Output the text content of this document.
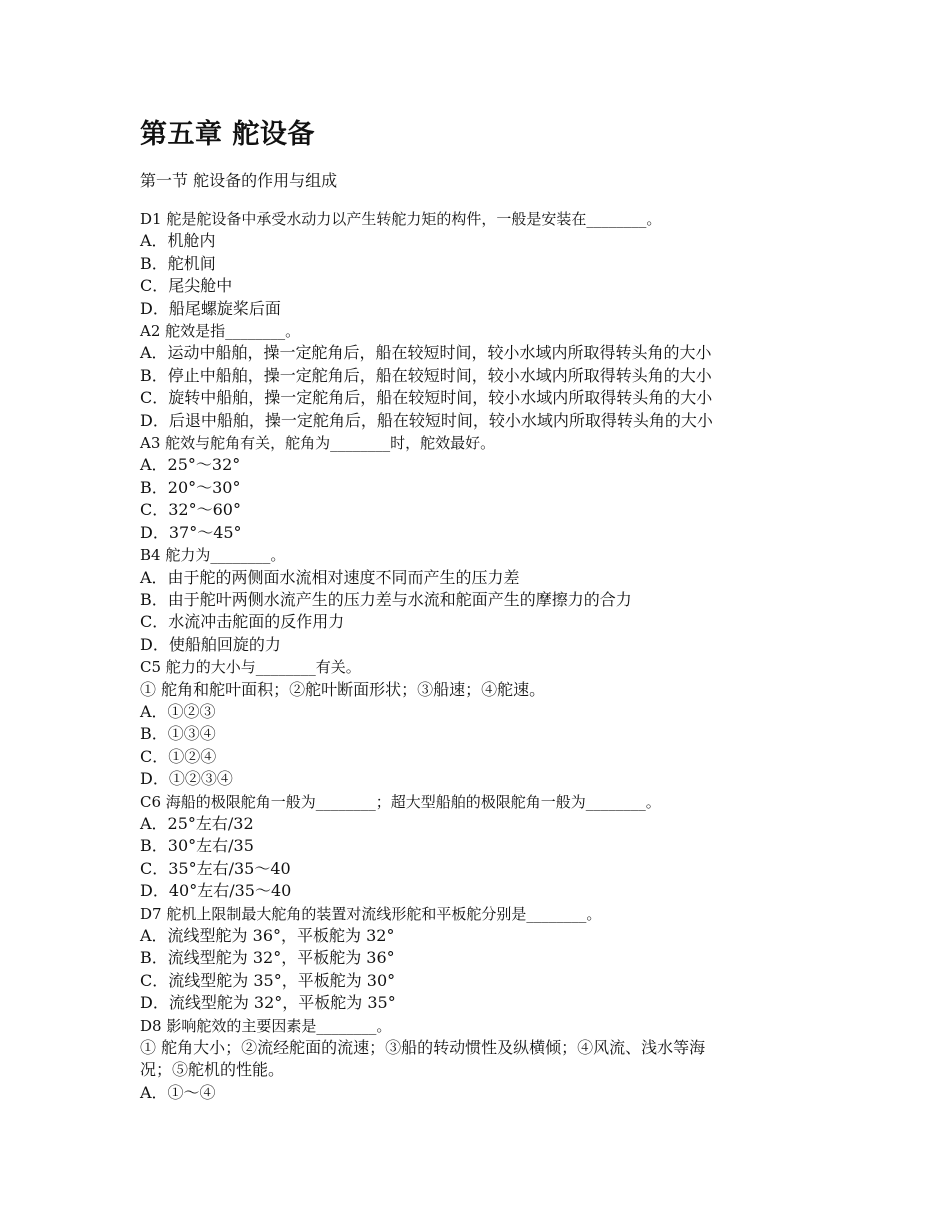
第五章 舵设备
第一节 舵设备的作用与组成

D1 舵是舵设备中承受水动力以产生转舵力矩的构件，一般是安装在________。

A．机舱内

B．舵机间

C．尾尖舱中

D．船尾螺旋桨后面

A2 舵效是指________。

A．运动中船舶，操一定舵角后，船在较短时间，较小水域内所取得转头角的大小

B．停止中船舶，操一定舵角后，船在较短时间，较小水域内所取得转头角的大小

C．旋转中船舶，操一定舵角后，船在较短时间，较小水域内所取得转头角的大小

D．后退中船舶，操一定舵角后，船在较短时间，较小水域内所取得转头角的大小

A3 舵效与舵角有关，舵角为________时，舵效最好。

A．25°～32°

B．20°～30°

C．32°～60°

D．37°～45°

B4 舵力为________。

A．由于舵的两侧面水流相对速度不同而产生的压力差

B．由于舵叶两侧水流产生的压力差与水流和舵面产生的摩擦力的合力

C．水流冲击舵面的反作用力

D．使船舶回旋的力

C5 舵力的大小与________有关。

① 舵角和舵叶面积；②舵叶断面形状；③船速；④舵速。

A．①②③

B．①③④

C．①②④

D．①②③④

C6 海船的极限舵角一般为________；超大型船舶的极限舵角一般为________。

A．25°左右/32

B．30°左右/35

C．35°左右/35～40

D．40°左右/35～40

D7 舵机上限制最大舵角的装置对流线形舵和平板舵分别是________。

A．流线型舵为 36°，平板舵为 32°

B．流线型舵为 32°，平板舵为 36°

C．流线型舵为 35°，平板舵为 30°

D．流线型舵为 32°，平板舵为 35°

D8 影响舵效的主要因素是________。

① 舵角大小；②流经舵面的流速；③船的转动惯性及纵横倾；④风流、浅水等海

况；⑤舵机的性能。

A．①～④
